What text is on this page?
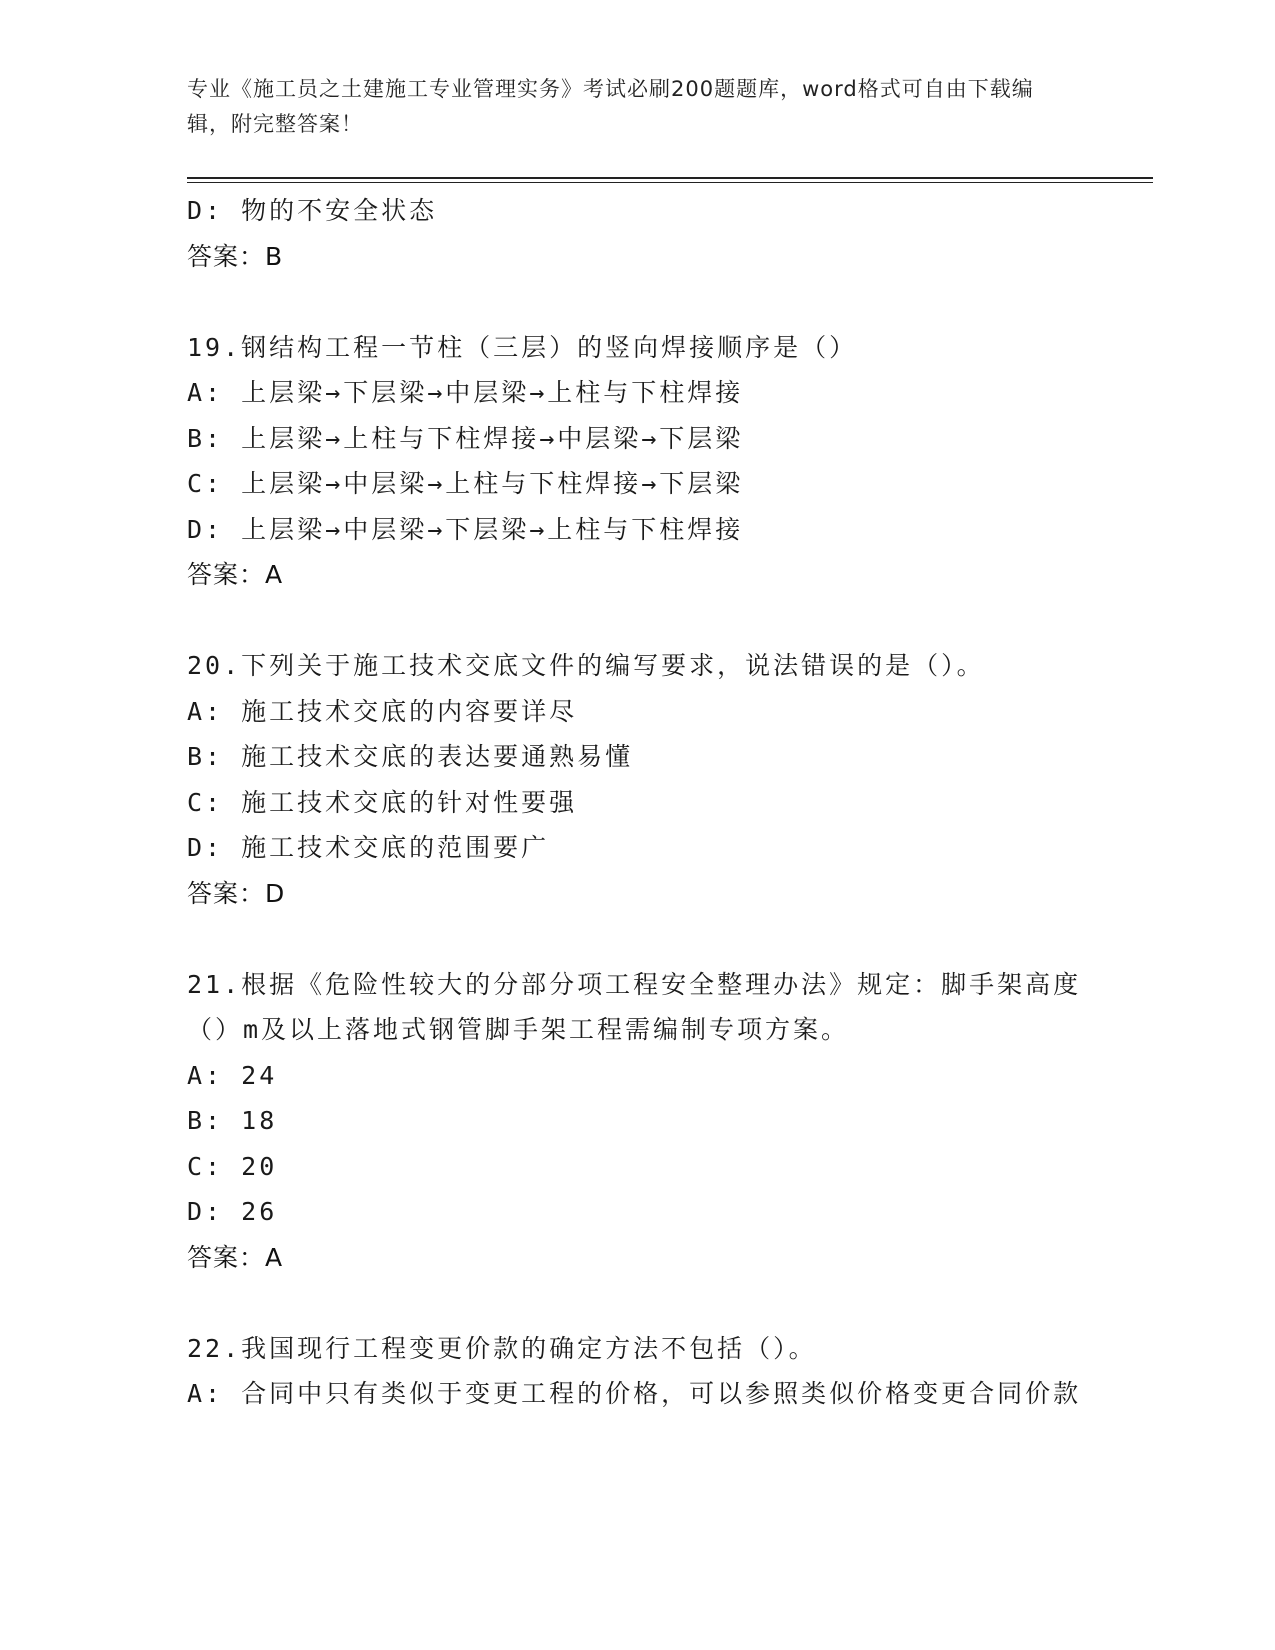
专业《施工员之土建施工专业管理实务》考试必刷200题题库，word格式可自由下载编辑，附完整答案！
D: 物的不安全状态
答案：B
19.钢结构工程一节柱（三层）的竖向焊接顺序是（）
A: 上层梁→下层梁→中层梁→上柱与下柱焊接
B: 上层梁→上柱与下柱焊接→中层梁→下层梁
C: 上层梁→中层梁→上柱与下柱焊接→下层梁
D: 上层梁→中层梁→下层梁→上柱与下柱焊接
答案：A
20.下列关于施工技术交底文件的编写要求，说法错误的是（）。
A: 施工技术交底的内容要详尽
B: 施工技术交底的表达要通熟易懂
C: 施工技术交底的针对性要强
D: 施工技术交底的范围要广
答案：D
21.根据《危险性较大的分部分项工程安全整理办法》规定：脚手架高度（）m及以上落地式钢管脚手架工程需编制专项方案。
A: 24
B: 18
C: 20
D: 26
答案：A
22.我国现行工程变更价款的确定方法不包括（）。
A: 合同中只有类似于变更工程的价格，可以参照类似价格变更合同价款
